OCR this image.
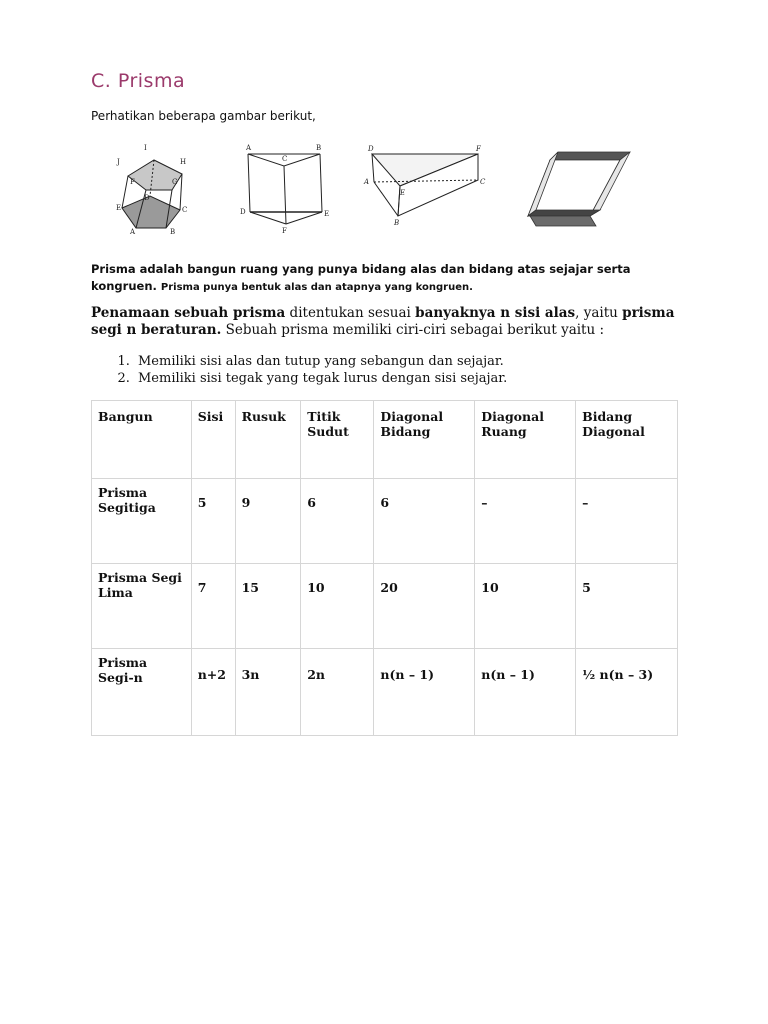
C. Prisma
Perhatikan beberapa gambar berikut,
I
J	H
F	G
E
D
C
A	B
A	B
C
D	E
F
D	F
A	C
E
B
Prisma adalah bangun ruang yang punya bidang alas dan bidang atas sejajar serta kongruen. Prisma punya bentuk alas dan atapnya yang kongruen.
Penamaan sebuah prisma ditentukan sesuai banyaknya n sisi alas, yaitu prisma segi n beraturan. Sebuah prisma memiliki ciri-ciri sebagai berikut yaitu :
1. Memiliki sisi alas dan tutup yang sebangun dan sejajar.
2. Memiliki sisi tegak yang tegak lurus dengan sisi sejajar.
Bangun	Sisi	Rusuk	Titik Sudut	Diagonal Bidang	Diagonal Ruang	Bidang Diagonal
Prisma Segitiga	5	9	6	6	–	–
Prisma Segi Lima	7	15	10	20	10	5
Prisma Segi-n	n+2	3n	2n	n(n – 1)	n(n – 1)	½ n(n – 3)
